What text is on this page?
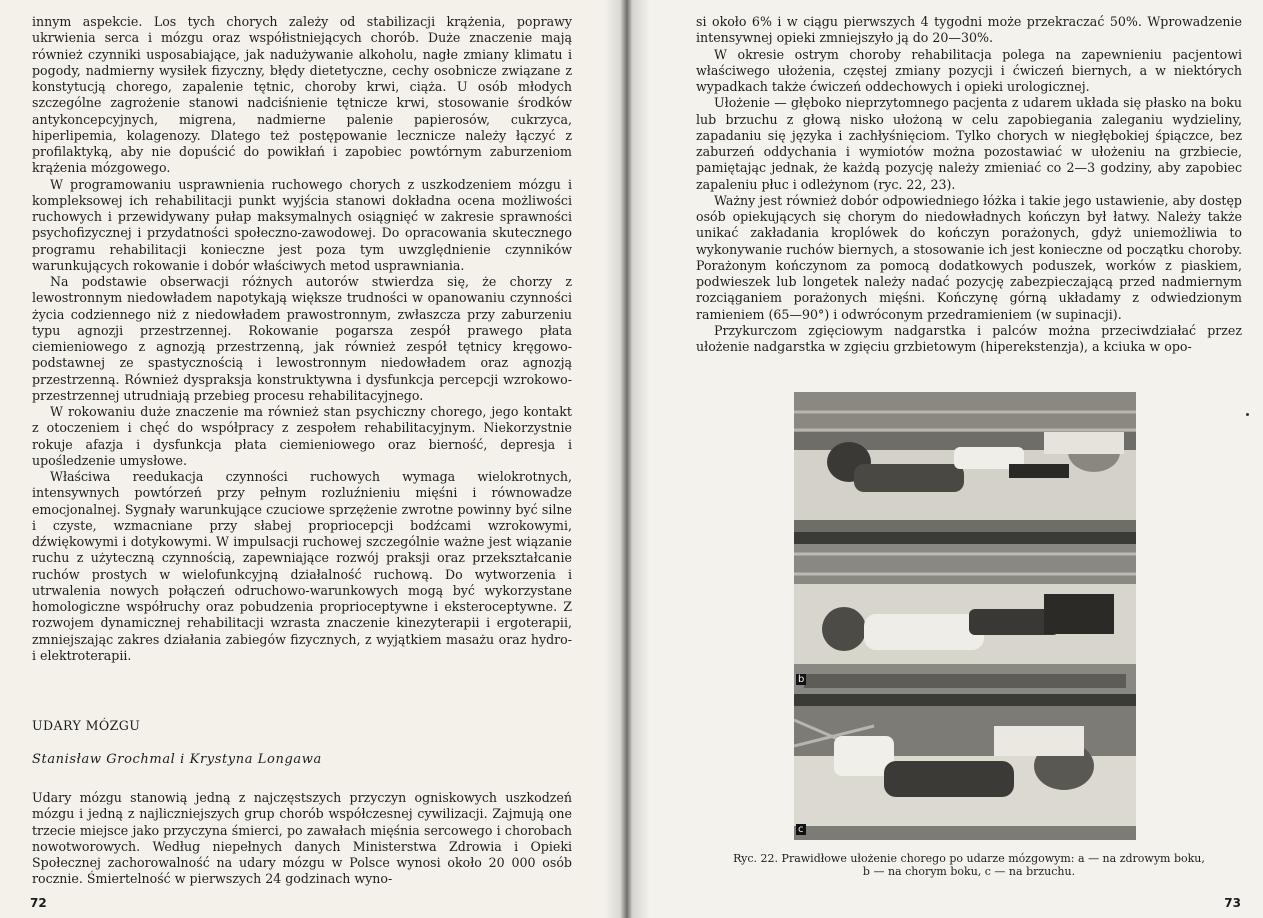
innym aspekcie. Los tych chorych zależy od stabilizacji krążenia, poprawy ukrwienia serca i mózgu oraz współistniejących chorób. Duże znaczenie mają również czynniki usposabiające, jak nadużywanie alkoholu, nagłe zmiany klimatu i pogody, nadmierny wysiłek fizyczny, błędy dietetyczne, cechy osobnicze związane z konstytucją chorego, zapalenie tętnic, choroby krwi, ciąża. U osób młodych szczególne zagrożenie stanowi nadciśnienie tętnicze krwi, stosowanie środków antykoncepcyjnych, migrena, nadmierne palenie papierosów, cukrzyca, hiperlipemia, kolagenozy. Dlatego też postępowanie lecznicze należy łączyć z profilaktyką, aby nie dopuścić do powikłań i zapobiec powtórnym zaburzeniom krążenia mózgowego.

W programowaniu usprawnienia ruchowego chorych z uszkodzeniem mózgu i kompleksowej ich rehabilitacji punkt wyjścia stanowi dokładna ocena możliwości ruchowych i przewidywany pułap maksymalnych osiągnięć w zakresie sprawności psychofizycznej i przydatności społeczno-zawodowej. Do opracowania skutecznego programu rehabilitacji konieczne jest poza tym uwzględnienie czynników warunkujących rokowanie i dobór właściwych metod usprawniania.

Na podstawie obserwacji różnych autorów stwierdza się, że chorzy z lewostronnym niedowładem napotykają większe trudności w opanowaniu czynności życia codziennego niż z niedowładem prawostronnym, zwłaszcza przy zaburzeniu typu agnozji przestrzennej. Rokowanie pogarsza zespół prawego płata ciemieniowego z agnozją przestrzenną, jak również zespół tętnicy kręgowo-podstawnej ze spastycznością i lewostronnym niedowładem oraz agnozją przestrzenną. Również dyspraksja konstruktywna i dysfunkcja percepcji wzrokowo-przestrzennej utrudniają przebieg procesu rehabilitacyjnego.

W rokowaniu duże znaczenie ma również stan psychiczny chorego, jego kontakt z otoczeniem i chęć do współpracy z zespołem rehabilitacyjnym. Niekorzystnie rokuje afazja i dysfunkcja płata ciemieniowego oraz bierność, depresja i upośledzenie umysłowe.

Właściwa reedukacja czynności ruchowych wymaga wielokrotnych, intensywnych powtórzeń przy pełnym rozluźnieniu mięśni i równowadze emocjonalnej. Sygnały warunkujące czuciowe sprzężenie zwrotne powinny być silne i czyste, wzmacniane przy słabej propriocepcji bodźcami wzrokowymi, dźwiękowymi i dotykowymi. W impulsacji ruchowej szczególnie ważne jest wiązanie ruchu z użyteczną czynnością, zapewniające rozwój praksji oraz przekształcanie ruchów prostych w wielofunkcyjną działalność ruchową. Do wytworzenia i utrwalenia nowych połączeń odruchowo-warunkowych mogą być wykorzystane homologiczne współruchy oraz pobudzenia proprioceptywne i eksteroceptywne. Z rozwojem dynamicznej rehabilitacji wzrasta znaczenie kinezyterapii i ergoterapii, zmniejszając zakres działania zabiegów fizycznych, z wyjątkiem masażu oraz hydro- i elektroterapii.

UDARY MÓZGU
Stanisław Grochmal i Krystyna Longawa

Udary mózgu stanowią jedną z najczęstszych przyczyn ogniskowych uszkodzeń mózgu i jedną z najliczniejszych grup chorób współczesnej cywilizacji. Zajmują one trzecie miejsce jako przyczyna śmierci, po zawałach mięśnia sercowego i chorobach nowotworowych. Według niepełnych danych Ministerstwa Zdrowia i Opieki Społecznej zachorowalność na udary mózgu w Polsce wynosi około 20 000 osób rocznie. Śmiertelność w pierwszych 24 godzinach wyno-

72

si około 6% i w ciągu pierwszych 4 tygodni może przekraczać 50%. Wprowadzenie intensywnej opieki zmniejszyło ją do 20—30%.

W okresie ostrym choroby rehabilitacja polega na zapewnieniu pacjentowi właściwego ułożenia, częstej zmiany pozycji i ćwiczeń biernych, a w niektórych wypadkach także ćwiczeń oddechowych i opieki urologicznej.

Ułożenie — głęboko nieprzytomnego pacjenta z udarem układa się płasko na boku lub brzuchu z głową nisko ułożoną w celu zapobiegania zaleganiu wydzieliny, zapadaniu się języka i zachłyśnięciom. Tylko chorych w niegłębokiej śpiączce, bez zaburzeń oddychania i wymiotów można pozostawiać w ułożeniu na grzbiecie, pamiętając jednak, że każdą pozycję należy zmieniać co 2—3 godziny, aby zapobiec zapaleniu płuc i odleżynom (ryc. 22, 23).

Ważny jest również dobór odpowiedniego łóżka i takie jego ustawienie, aby dostęp osób opiekujących się chorym do niedowładnych kończyn był łatwy. Należy także unikać zakładania kroplówek do kończyn porażonych, gdyż uniemożliwia to wykonywanie ruchów biernych, a stosowanie ich jest konieczne od początku choroby. Porażonym kończynom za pomocą dodatkowych poduszek, worków z piaskiem, podwieszek lub longetek należy nadać pozycję zabezpieczającą przed nadmiernym rozciąganiem porażonych mięśni. Kończynę górną układamy z odwiedzionym ramieniem (65—90°) i odwróconym przedramieniem (w supinacji).

Przykurczom zgięciowym nadgarstka i palców można przeciwdziałać przez ułożenie nadgarstka w zgięciu grzbietowym (hiperekstenzja), a kciuka w opo-

b
c
Ryc. 22. Prawidłowe ułożenie chorego po udarze mózgowym: a — na zdrowym boku,
b — na chorym boku, c — na brzuchu.
73
